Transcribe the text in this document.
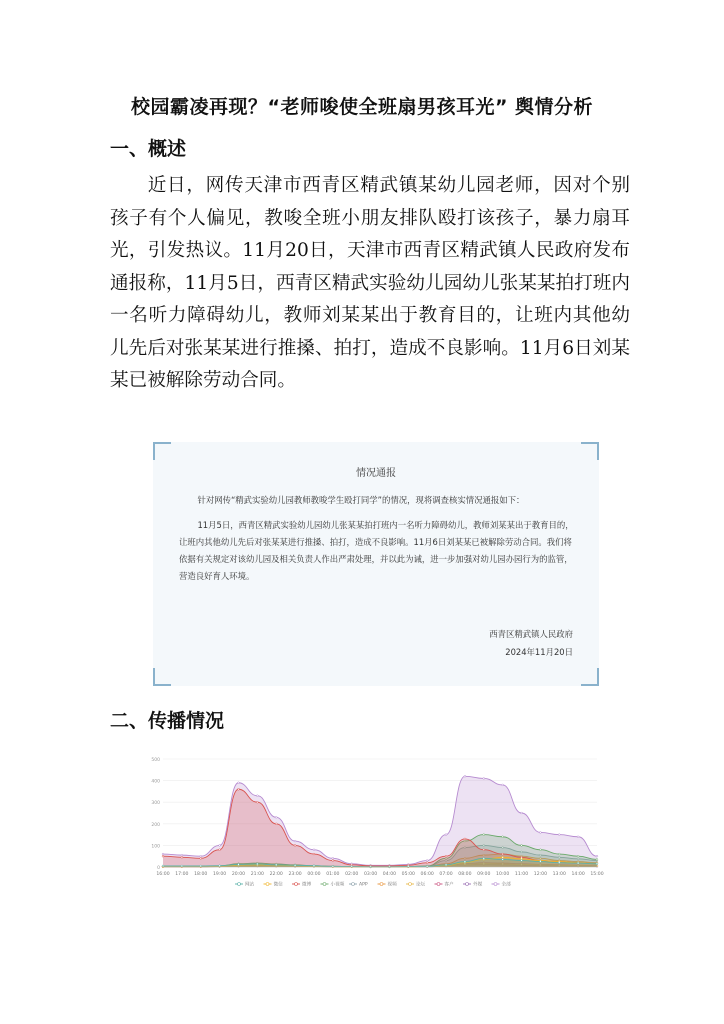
校园霸凌再现？“老师唆使全班扇男孩耳光” 舆情分析
一、概述
近日，网传天津市西青区精武镇某幼儿园老师，因对个别孩子有个人偏见，教唆全班小朋友排队殴打该孩子，暴力扇耳光，引发热议。11月20日，天津市西青区精武镇人民政府发布通报称，11月5日，西青区精武实验幼儿园幼儿张某某拍打班内一名听力障碍幼儿，教师刘某某出于教育目的，让班内其他幼儿先后对张某某进行推搡、拍打，造成不良影响。11月6日刘某某已被解除劳动合同。
情况通报

针对网传“精武实验幼儿园教师教唆学生殴打同学”的情况，现将调查核实情况通报如下：

11月5日，西青区精武实验幼儿园幼儿张某某拍打班内一名听力障碍幼儿，教师刘某某出于教育目的，让班内其他幼儿先后对张某某进行推搡、拍打，造成不良影响。11月6日刘某某已被解除劳动合同。我们将依据有关规定对该幼儿园及相关负责人作出严肃处理，并以此为诫，进一步加强对幼儿园办园行为的监管，营造良好育人环境。

西青区精武镇人民政府
2024年11月20日
二、传播情况
0
100
200
300
400
500
16:00 17:00 18:00 19:00 20:00 21:00 22:00 23:00 00:00 01:00 02:00 03:00 04:00 05:00 06:00 07:00 08:00 09:00 10:00 11:00 12:00 13:00 14:00 15:00
网站	微信	微博	小视频	APP	视频	论坛	客户	外媒	全部
